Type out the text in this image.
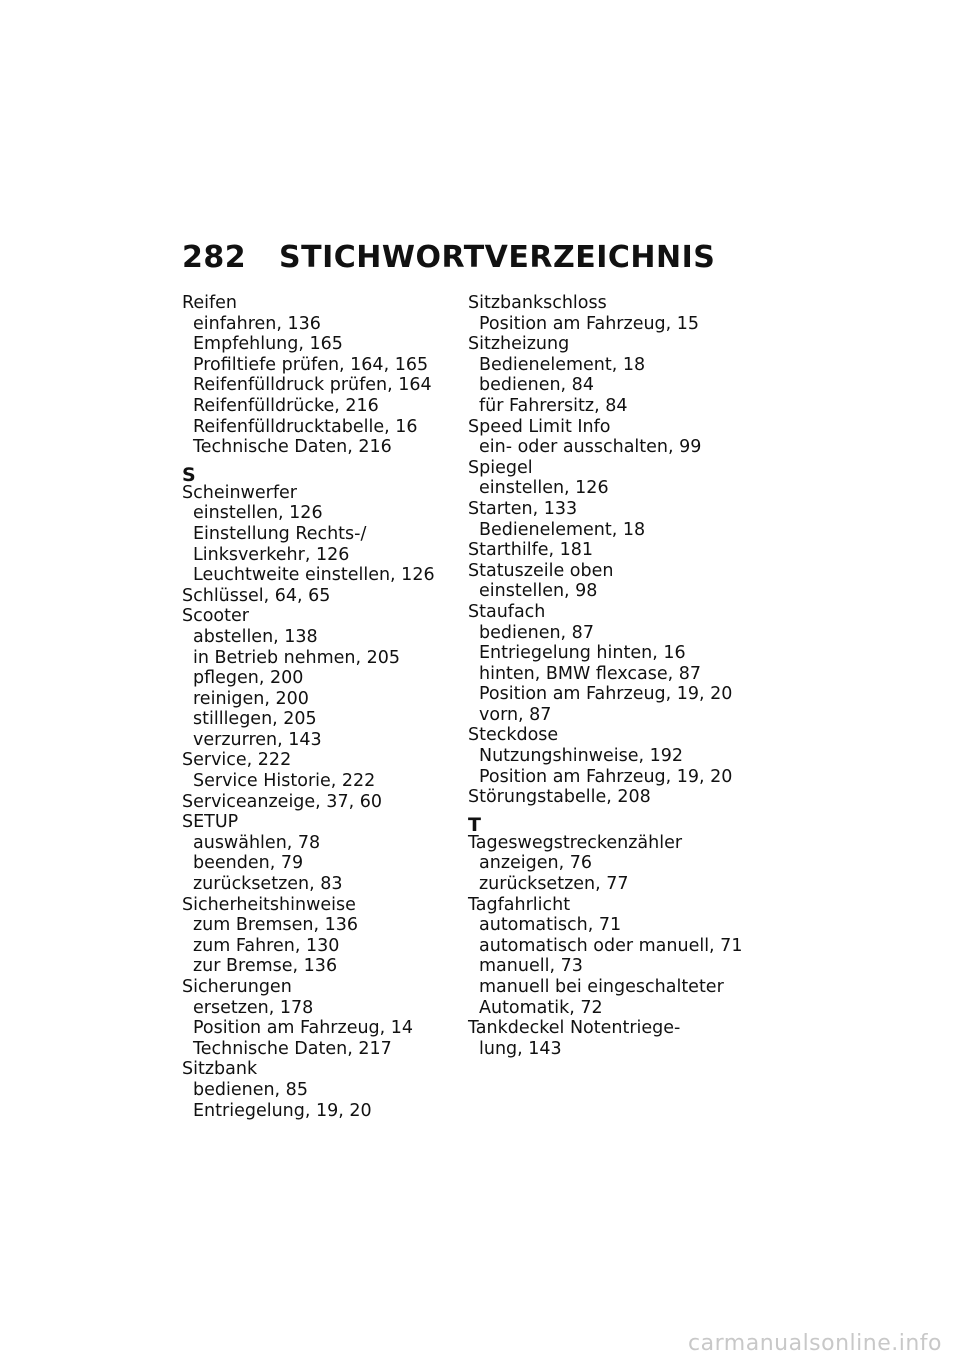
282 STICHWORTVERZEICHNIS
Reifen
einfahren, 136
Empfehlung, 165
Profiltiefe prüfen, 164, 165
Reifenfülldruck prüfen, 164
Reifenfülldrücke, 216
Reifenfülldrucktabelle, 16
Technische Daten, 216
S
Scheinwerfer
einstellen, 126
Einstellung Rechts-/
Linksverkehr, 126
Leuchtweite einstellen, 126
Schlüssel, 64, 65
Scooter
abstellen, 138
in Betrieb nehmen, 205
pflegen, 200
reinigen, 200
stilllegen, 205
verzurren, 143
Service, 222
Service Historie, 222
Serviceanzeige, 37, 60
SETUP
auswählen, 78
beenden, 79
zurücksetzen, 83
Sicherheitshinweise
zum Bremsen, 136
zum Fahren, 130
zur Bremse, 136
Sicherungen
ersetzen, 178
Position am Fahrzeug, 14
Technische Daten, 217
Sitzbank
bedienen, 85
Entriegelung, 19, 20
Sitzbankschloss
Position am Fahrzeug, 15
Sitzheizung
Bedienelement, 18
bedienen, 84
für Fahrersitz, 84
Speed Limit Info
ein- oder ausschalten, 99
Spiegel
einstellen, 126
Starten, 133
Bedienelement, 18
Starthilfe, 181
Statuszeile oben
einstellen, 98
Staufach
bedienen, 87
Entriegelung hinten, 16
hinten, BMW flexcase, 87
Position am Fahrzeug, 19, 20
vorn, 87
Steckdose
Nutzungshinweise, 192
Position am Fahrzeug, 19, 20
Störungstabelle, 208
T
Tageswegstreckenzähler
anzeigen, 76
zurücksetzen, 77
Tagfahrlicht
automatisch, 71
automatisch oder manuell, 71
manuell, 73
manuell bei eingeschalteter
Automatik, 72
Tankdeckel Notentriege-
lung, 143
carmanualsonline.info
